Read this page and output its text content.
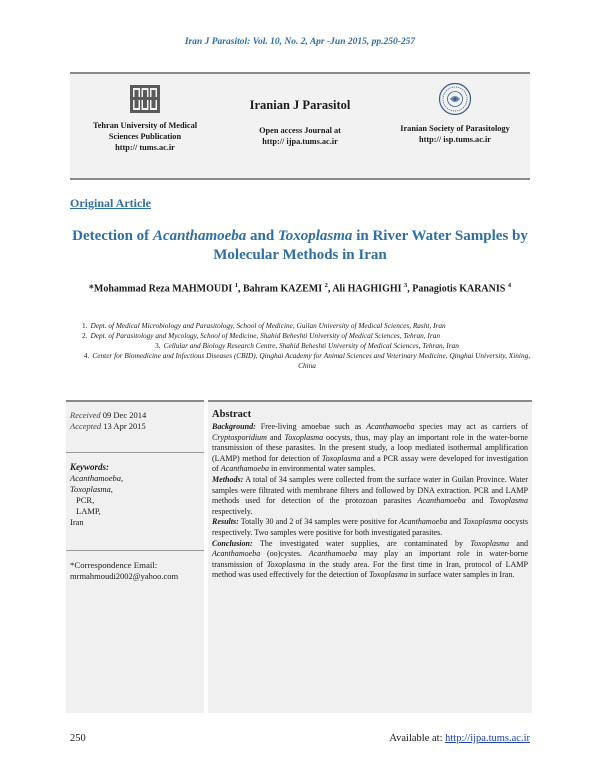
Iran J Parasitol: Vol. 10, No. 2, Apr -Jun 2015, pp.250-257
Tehran University of Medical
Sciences Publication
http:// tums.ac.ir
Iranian J Parasitol
Open access Journal at
http:// ijpa.tums.ac.ir
Iranian Society of Parasitology
http:// isp.tums.ac.ir
Original Article
Detection of Acanthamoeba and Toxoplasma in River Water Samples by Molecular Methods in Iran
*Mohammad Reza MAHMOUDI $^1$, Bahram KAZEMI $^2$, Ali HAGHIGHI $^3$, Panagiotis KARANIS $^4$
1. Dept. of Medical Microbiology and Parasitology, School of Medicine, Guilan University of Medical Sciences, Rasht, Iran
2. Dept. of Parasitology and Mycology, School of Medicine, Shahid Beheshti University of Medical Sciences, Tehran, Iran
3. Cellular and Biology Research Centre, Shahid Beheshti University of Medical Sciences, Tehran, Iran
4. Center for Biomedicine and Infectious Diseases (CBID), Qinghai Academy for Animal Sciences and Veterinary Medicine, Qinghai University, Xining, China
Received 09 Dec 2014
Accepted 13 Apr 2015
Keywords:
Acanthamoeba,
Toxoplasma,
PCR,
LAMP,
Iran
*Correspondence Email:
mrmahmoudi2002@yahoo.com
Abstract

Background: Free-living amoebae such as Acanthamoeba species may act as carriers of Cryptosporidium and Toxoplasma oocysts, thus, may play an important role in the water-borne transmission of these parasites. In the present study, a loop mediated isothermal amplification (LAMP) method for detection of Toxoplasma and a PCR assay were developed for investigation of Acanthamoeba in environmental water samples.

Methods: A total of 34 samples were collected from the surface water in Guilan Province. Water samples were filtrated with membrane filters and followed by DNA extraction. PCR and LAMP methods used for detection of the protozoan parasites Acanthamoeba and Toxoplasma respectively.

Results: Totally 30 and 2 of 34 samples were positive for Acanthamoeba and Toxoplasma oocysts respectively. Two samples were positive for both investigated parasites.

Conclusion: The investigated water supplies, are contaminated by Toxoplasma and Acanthamoeba (oo)cystes. Acanthamoeba may play an important role in water-borne transmission of Toxoplasma in the study area. For the first time in Iran, protocol of LAMP method was used effectively for the detection of Toxoplasma in surface water samples in Iran.

250	Available at: http://ijpa.tums.ac.ir
